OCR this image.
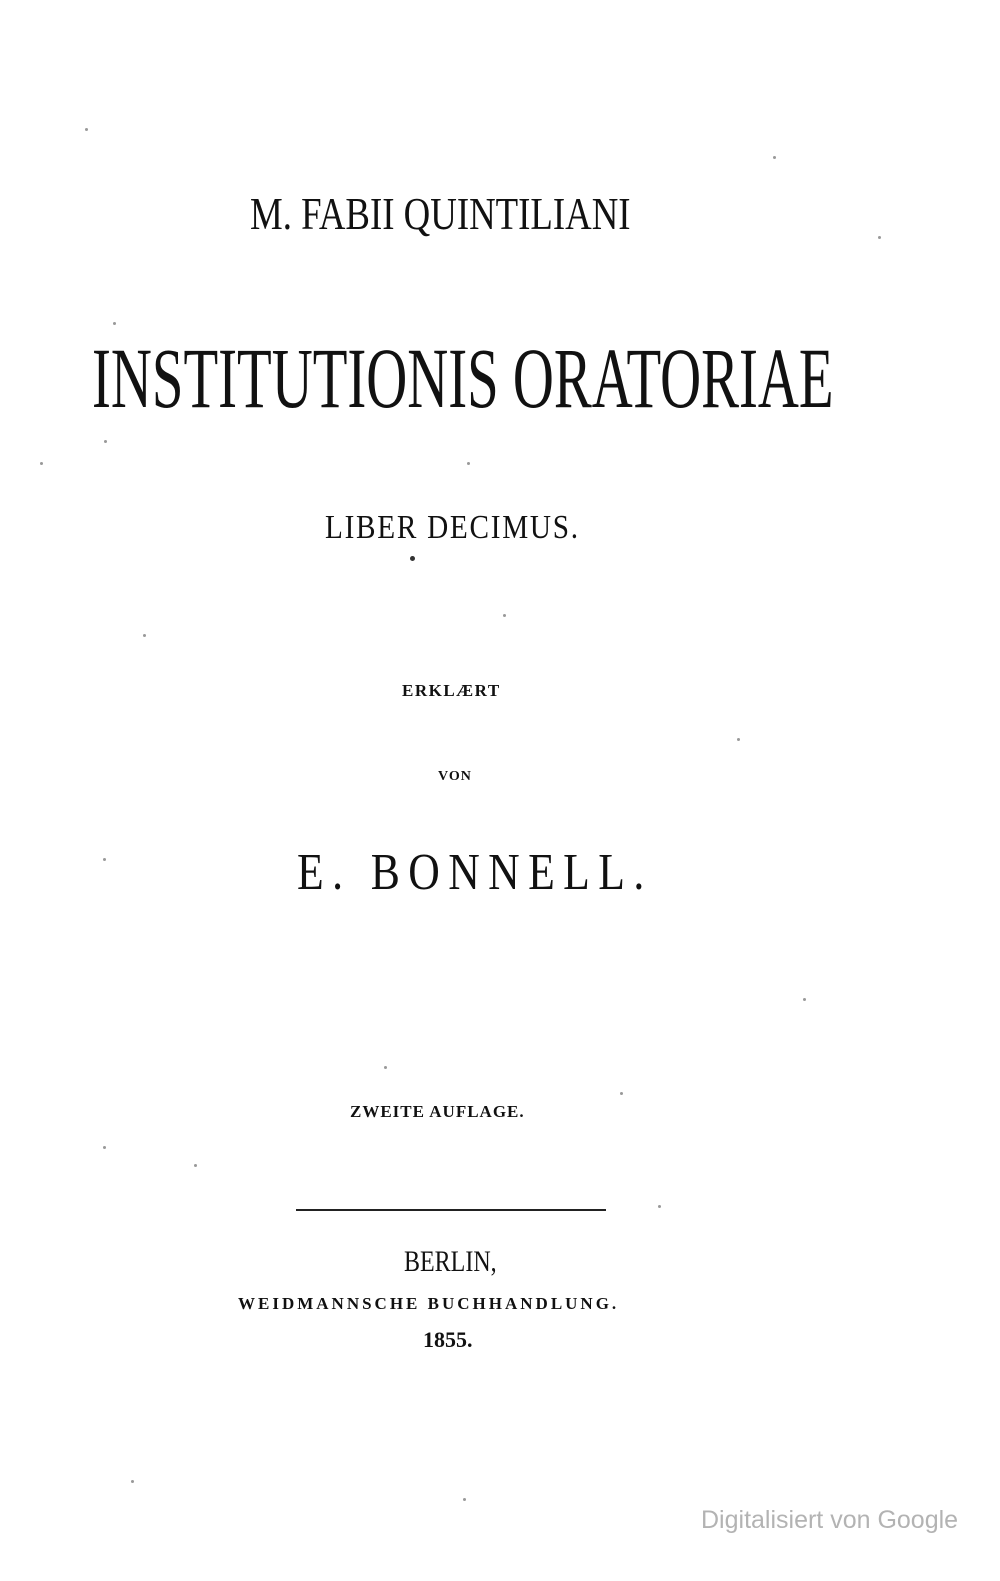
M. FABII QUINTILIANI
INSTITUTIONIS ORATORIAE
LIBER DECIMUS.
ERKLÆRT
VON
E. BONNELL.
ZWEITE AUFLAGE.
BERLIN,
WEIDMANNSCHE BUCHHANDLUNG.
1855.
Digitalisiert von Google
